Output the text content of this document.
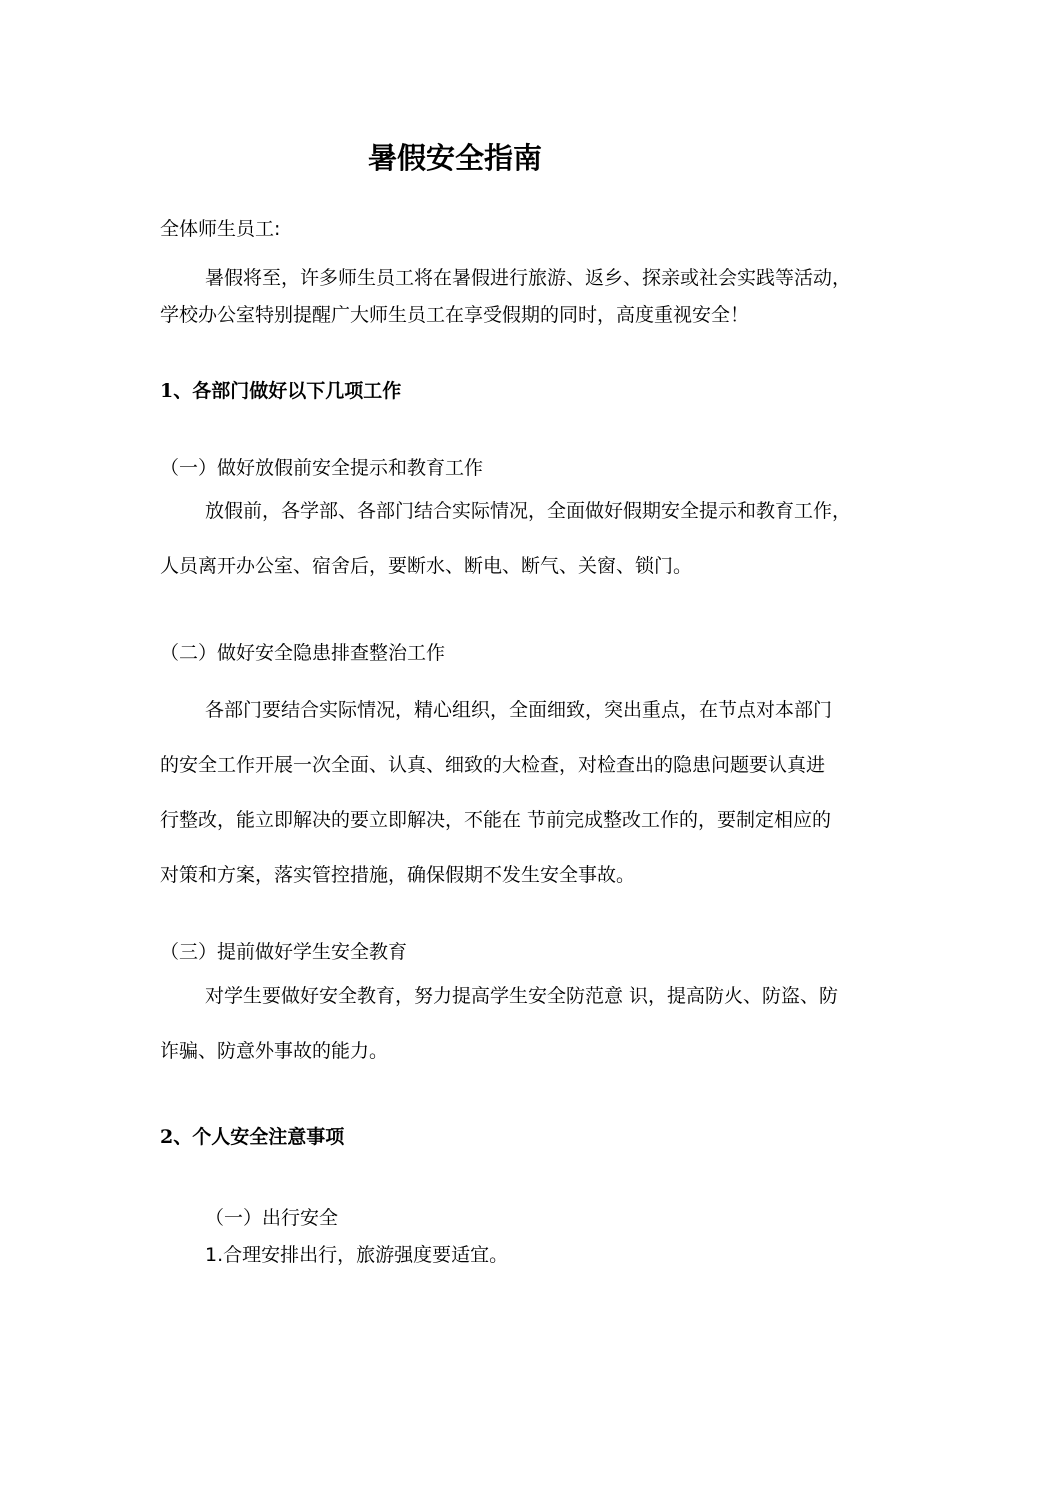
暑假安全指南
全体师生员工:
暑假将至，许多师生员工将在暑假进行旅游、返乡、探亲或社会实践等活动，
学校办公室特别提醒广大师生员工在享受假期的同时，高度重视安全！
1、各部门做好以下几项工作
（一）做好放假前安全提示和教育工作
放假前，各学部、各部门结合实际情况，全面做好假期安全提示和教育工作，
人员离开办公室、宿舍后，要断水、断电、断气、关窗、锁门。
（二）做好安全隐患排查整治工作
各部门要结合实际情况，精心组织，全面细致，突出重点，在节点对本部门
的安全工作开展一次全面、认真、细致的大检查，对检查出的隐患问题要认真进
行整改，能立即解决的要立即解决，不能在 节前完成整改工作的，要制定相应的
对策和方案，落实管控措施，确保假期不发生安全事故。
（三）提前做好学生安全教育
对学生要做好安全教育，努力提高学生安全防范意 识，提高防火、防盗、防
诈骗、防意外事故的能力。
2、个人安全注意事项
（一）出行安全
1.合理安排出行，旅游强度要适宜。
